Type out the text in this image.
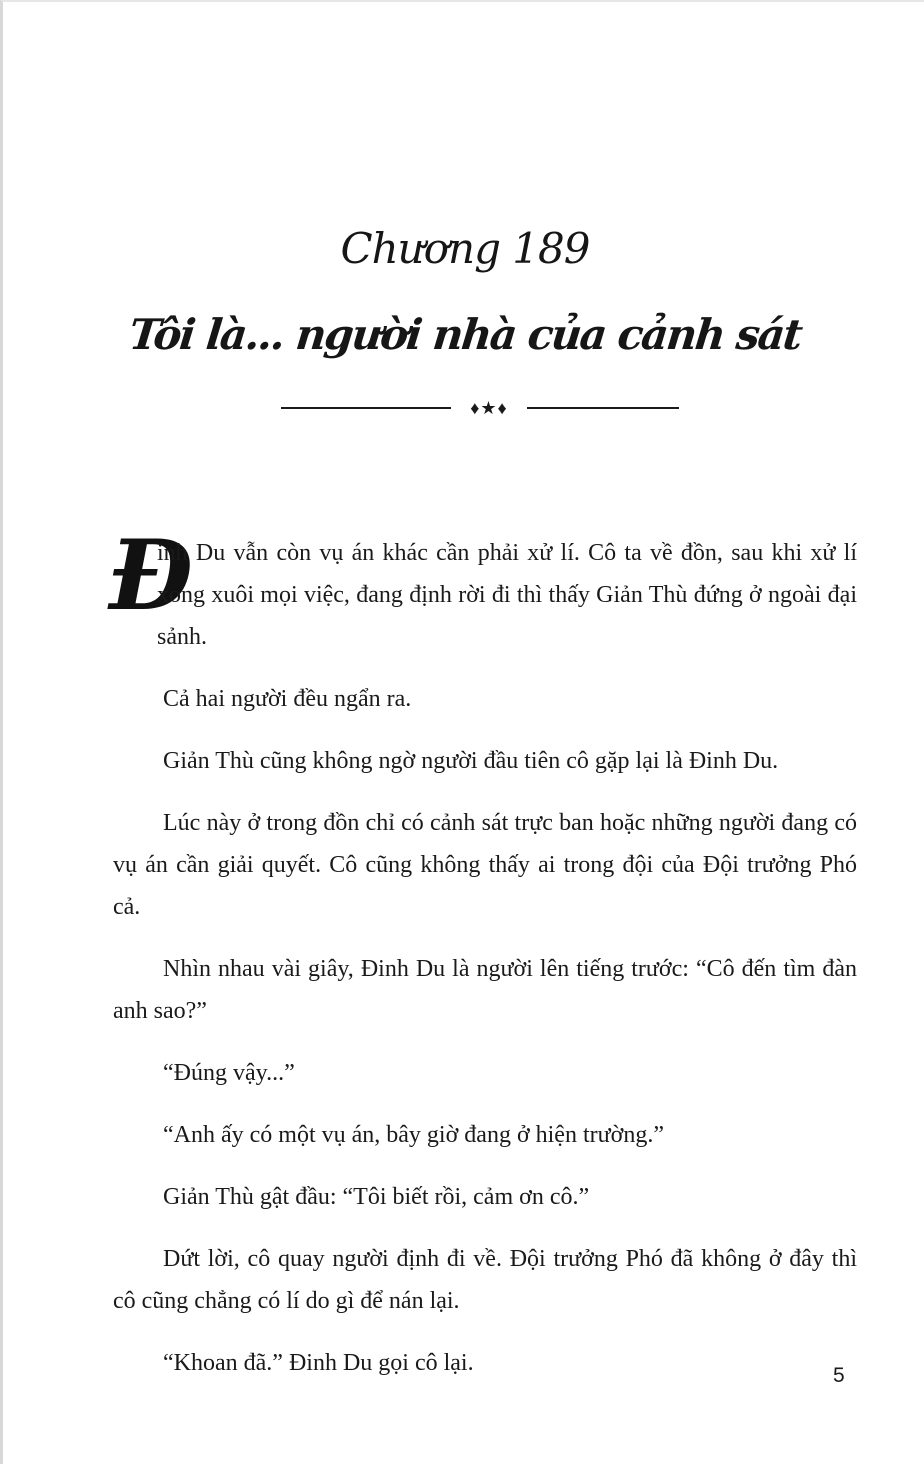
Chương 189
Tôi là... người nhà của cảnh sát
♦★♦

Đ
inh Du vẫn còn vụ án khác cần phải xử lí. Cô ta về đồn, sau khi xử lí xong xuôi mọi việc, đang định rời đi thì thấy Giản Thù đứng ở ngoài đại sảnh.

Cả hai người đều ngẩn ra.

Giản Thù cũng không ngờ người đầu tiên cô gặp lại là Đinh Du.

Lúc này ở trong đồn chỉ có cảnh sát trực ban hoặc những người đang có vụ án cần giải quyết. Cô cũng không thấy ai trong đội của Đội trưởng Phó cả.

Nhìn nhau vài giây, Đinh Du là người lên tiếng trước: “Cô đến tìm đàn anh sao?”

“Đúng vậy...”

“Anh ấy có một vụ án, bây giờ đang ở hiện trường.”

Giản Thù gật đầu: “Tôi biết rồi, cảm ơn cô.”

Dứt lời, cô quay người định đi về. Đội trưởng Phó đã không ở đây thì cô cũng chẳng có lí do gì để nán lại.

“Khoan đã.” Đinh Du gọi cô lại.	5
